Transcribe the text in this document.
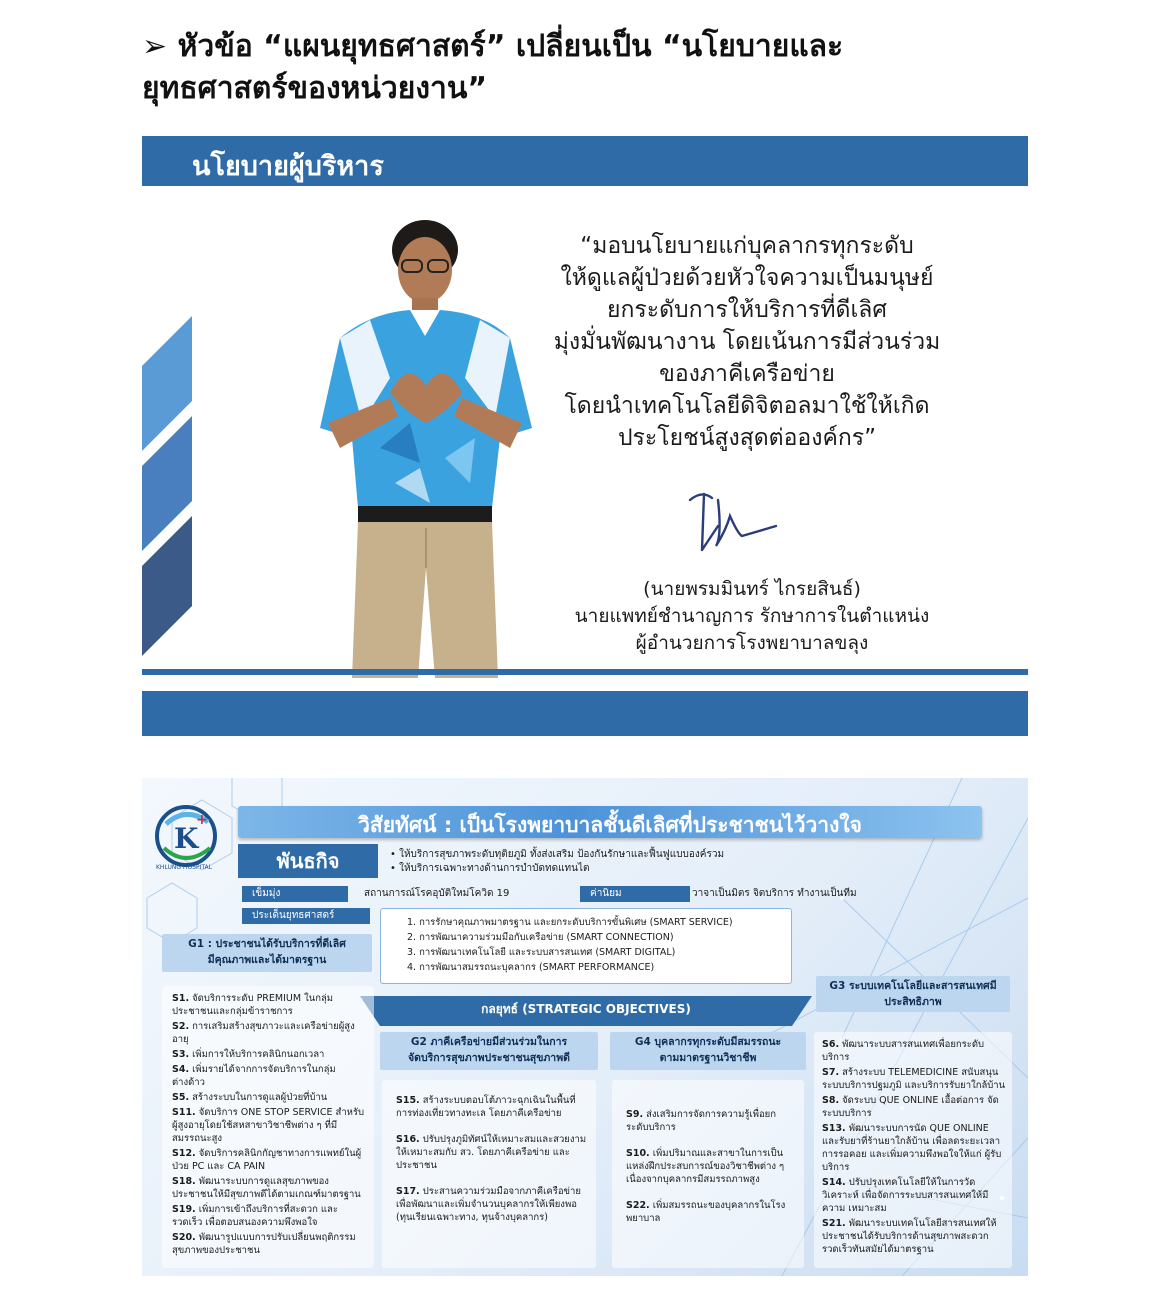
➢ หัวข้อ “แผนยุทธศาสตร์” เปลี่ยนเป็น “นโยบายและ
ยุทธศาสตร์ของหน่วยงาน”
นโยบายผู้บริหาร
“มอบนโยบายแก่บุคลากรทุกระดับ
ให้ดูแลผู้ป่วยด้วยหัวใจความเป็นมนุษย์
ยกระดับการให้บริการที่ดีเลิศ
มุ่งมั่นพัฒนางาน โดยเน้นการมีส่วนร่วม
ของภาคีเครือข่าย
โดยนำเทคโนโลยีดิจิตอลมาใช้ให้เกิด
ประโยชน์สูงสุดต่อองค์กร”
(นายพรมมินทร์ ไกรยสินธ์)
นายแพทย์ชำนาญการ รักษาการในตำแหน่ง
ผู้อำนวยการโรงพยาบาลขลุง
K
+
KHLUNG HOSPITAL
วิสัยทัศน์ : เป็นโรงพยาบาลชั้นดีเลิศที่ประชาชนไว้วางใจ
พันธกิจ
•	ให้บริการสุขภาพระดับทุติยภูมิ ทั้งส่งเสริม ป้องกันรักษาและฟื้นฟูแบบองค์รวม
• ให้บริการเฉพาะทางด้านการบำบัดทดแทนไต
เข็มมุ่ง	สถานการณ์โรคอุบัติใหม่โควิด 19	ค่านิยม	วาจาเป็นมิตร จิตบริการ ทำงานเป็นทีม
ประเด็นยุทธศาสตร์
1. การรักษาคุณภาพมาตรฐาน และยกระดับบริการขั้นพิเศษ (SMART SERVICE)
2. การพัฒนาความร่วมมือกับเครือข่าย (SMART CONNECTION)
3. การพัฒนาเทคโนโลยี และระบบสารสนเทศ (SMART DIGITAL)
4. การพัฒนาสมรรถนะบุคลากร (SMART PERFORMANCE)
G1 : ประชาชนได้รับบริการที่ดีเลิศ
มีคุณภาพและได้มาตรฐาน
G3 ระบบเทคโนโลยีและสารสนเทศมี
ประสิทธิภาพ
กลยุทธ์ (STRATEGIC OBJECTIVES)
G2 ภาคีเครือข่ายมีส่วนร่วมในการ
จัดบริการสุขภาพประชาชนสุขภาพดี
G4 บุคลากรทุกระดับมีสมรรถนะ
ตามมาตรฐานวิชาชีพ
S1. จัดบริการระดับ PREMIUM ในกลุ่มประชาชนและกลุ่มข้าราชการ
S2. การเสริมสร้างสุขภาวะและเครือข่ายผู้สูงอายุ
S3. เพิ่มการให้บริการคลินิกนอกเวลา
S4. เพิ่มรายได้จากการจัดบริการในกลุ่มต่างด้าว
S5. สร้างระบบในการดูแลผู้ป่วยที่บ้าน
S11. จัดบริการ ONE STOP SERVICE สำหรับ ผู้สูงอายุโดยใช้สหสาขาวิชาชีพต่าง ๆ ที่มีสมรรถนะสูง
S12. จัดบริการคลินิกกัญชาทางการแพทย์ในผู้ป่วย PC และ CA PAIN
S18. พัฒนาระบบการดูแลสุขภาพของประชาชนให้มีสุขภาพดีได้ตามเกณฑ์มาตรฐาน
S19. เพิ่มการเข้าถึงบริการที่สะดวก และรวดเร็ว เพื่อตอบสนองความพึงพอใจ
S20. พัฒนารูปแบบการปรับเปลี่ยนพฤติกรรม สุขภาพของประชาชน
S15. สร้างระบบตอบโต้ภาวะฉุกเฉินในพื้นที่ การท่องเที่ยวทางทะเล โดยภาคีเครือข่าย
S16. ปรับปรุงภูมิทัศน์ให้เหมาะสมและสวยงามให้เหมาะสมกับ สว. โดยภาคีเครือข่าย และประชาชน
S17. ประสานความร่วมมือจากภาคีเครือข่าย เพื่อพัฒนาและเพิ่มจำนวนบุคลากรให้เพียงพอ (ทุนเรียนเฉพาะทาง, ทุนจ้างบุคลากร)
S9. ส่งเสริมการจัดการความรู้เพื่อยกระดับบริการ
S10. เพิ่มปริมาณและสาขาในการเป็นแหล่งฝึกประสบการณ์ของวิชาชีพต่าง ๆ เนื่องจากบุคลากรมีสมรรถภาพสูง
S22. เพิ่มสมรรถนะของบุคลากรในโรงพยาบาล
S6. พัฒนาระบบสารสนเทศเพื่อยกระดับบริการ
S7. สร้างระบบ TELEMEDICINE สนับสนุนระบบบริการปฐมภูมิ และบริการรับยาใกล้บ้าน
S8. จัดระบบ QUE ONLINE เอื้อต่อการ จัดระบบบริการ
S13. พัฒนาระบบการนัด QUE ONLINE และรับยาที่ร้านยาใกล้บ้าน เพื่อลดระยะเวลาการรอคอย และเพิ่มความพึงพอใจให้แก่ ผู้รับบริการ
S14. ปรับปรุงเทคโนโลยีให้ในการวัดวิเคราะห์ เพื่อจัดการระบบสารสนเทศให้มีความ เหมาะสม
S21. พัฒนาระบบเทคโนโลยีสารสนเทศให้ประชาชนได้รับบริการด้านสุขภาพสะดวกรวดเร็วทันสมัยได้มาตรฐาน
